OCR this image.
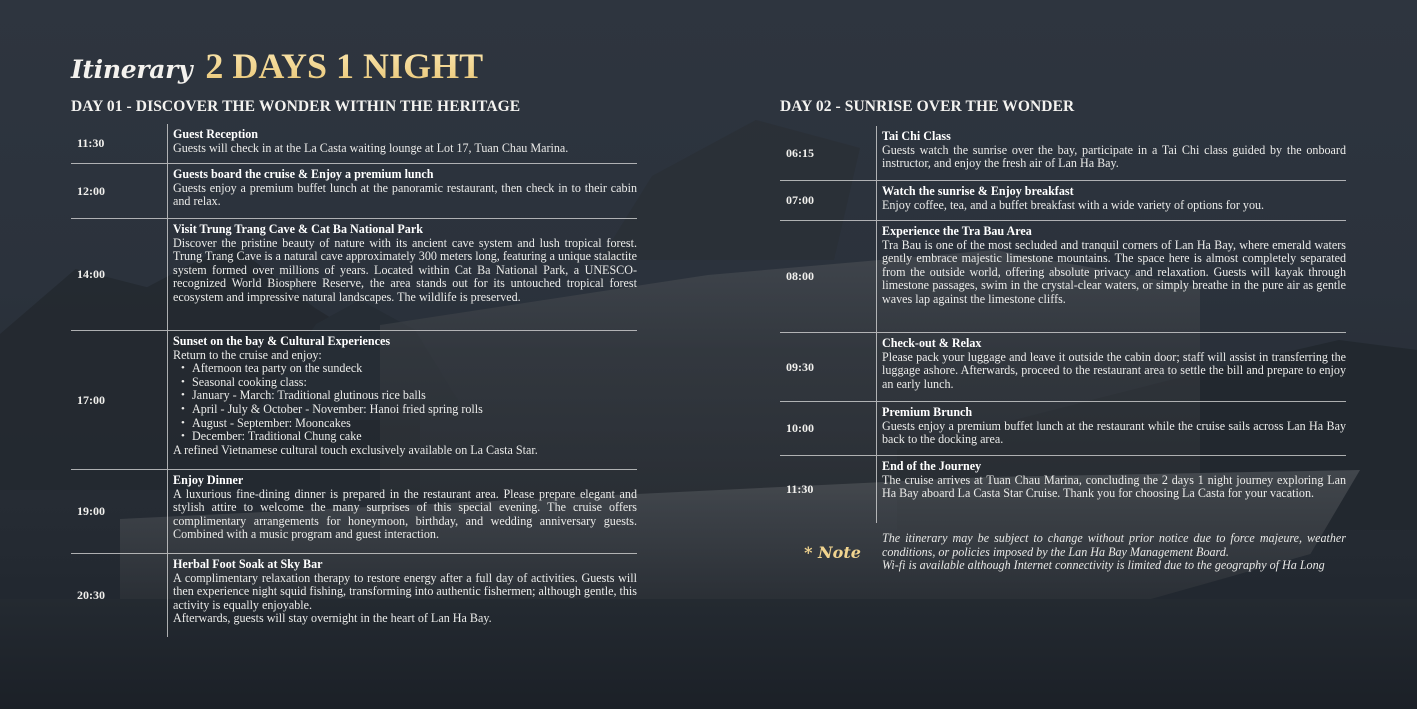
Itinerary 2 DAYS 1 NIGHT
DAY 01 - DISCOVER THE WONDER WITHIN THE HERITAGE
11:30
Guest Reception

Guests will check in at the La Casta waiting lounge at Lot 17, Tuan Chau Marina.

12:00
Guests board the cruise & Enjoy a premium lunch

Guests enjoy a premium buffet lunch at the panoramic restaurant, then check in to their cabin and relax.

14:00
Visit Trung Trang Cave & Cat Ba National Park

Discover the pristine beauty of nature with its ancient cave system and lush tropical forest. Trung Trang Cave is a natural cave approximately 300 meters long, featuring a unique stalactite system formed over millions of years. Located within Cat Ba National Park, a UNESCO-recognized World Biosphere Reserve, the area stands out for its untouched tropical forest ecosystem and impressive natural landscapes. The wildlife is preserved.

17:00
Sunset on the bay & Cultural Experiences

Return to the cruise and enjoy:

• Afternoon tea party on the sundeck
• Seasonal cooking class:
• January - March: Traditional glutinous rice balls
• April - July & October - November: Hanoi fried spring rolls
• August - September: Mooncakes
• December: Traditional Chung cake

A refined Vietnamese cultural touch exclusively available on La Casta Star.

19:00
Enjoy Dinner

A luxurious fine-dining dinner is prepared in the restaurant area. Please prepare elegant and stylish attire to welcome the many surprises of this special evening. The cruise offers complimentary arrangements for honeymoon, birthday, and wedding anniversary guests. Combined with a music program and guest interaction.

20:30
Herbal Foot Soak at Sky Bar

A complimentary relaxation therapy to restore energy after a full day of activities. Guests will then experience night squid fishing, transforming into authentic fishermen; although gentle, this activity is equally enjoyable.

Afterwards, guests will stay overnight in the heart of Lan Ha Bay.

DAY 02 - SUNRISE OVER THE WONDER
06:15
Tai Chi Class

Guests watch the sunrise over the bay, participate in a Tai Chi class guided by the onboard instructor, and enjoy the fresh air of Lan Ha Bay.

07:00
Watch the sunrise & Enjoy breakfast

Enjoy coffee, tea, and a buffet breakfast with a wide variety of options for you.

08:00
Experience the Tra Bau Area

Tra Bau is one of the most secluded and tranquil corners of Lan Ha Bay, where emerald waters gently embrace majestic limestone mountains. The space here is almost completely separated from the outside world, offering absolute privacy and relaxation. Guests will kayak through limestone passages, swim in the crystal-clear waters, or simply breathe in the pure air as gentle waves lap against the limestone cliffs.

09:30
Check-out & Relax

Please pack your luggage and leave it outside the cabin door; staff will assist in transferring the luggage ashore. Afterwards, proceed to the restaurant area to settle the bill and prepare to enjoy an early lunch.

10:00
Premium Brunch

Guests enjoy a premium buffet lunch at the restaurant while the cruise sails across Lan Ha Bay back to the docking area.

11:30
End of the Journey

The cruise arrives at Tuan Chau Marina, concluding the 2 days 1 night journey exploring Lan Ha Bay aboard La Casta Star Cruise. Thank you for choosing La Casta for your vacation.

* Note

The itinerary may be subject to change without prior notice due to force majeure, weather conditions, or policies imposed by the Lan Ha Bay Management Board.

Wi-fi is available although Internet connectivity is limited due to the geography of Ha Long
